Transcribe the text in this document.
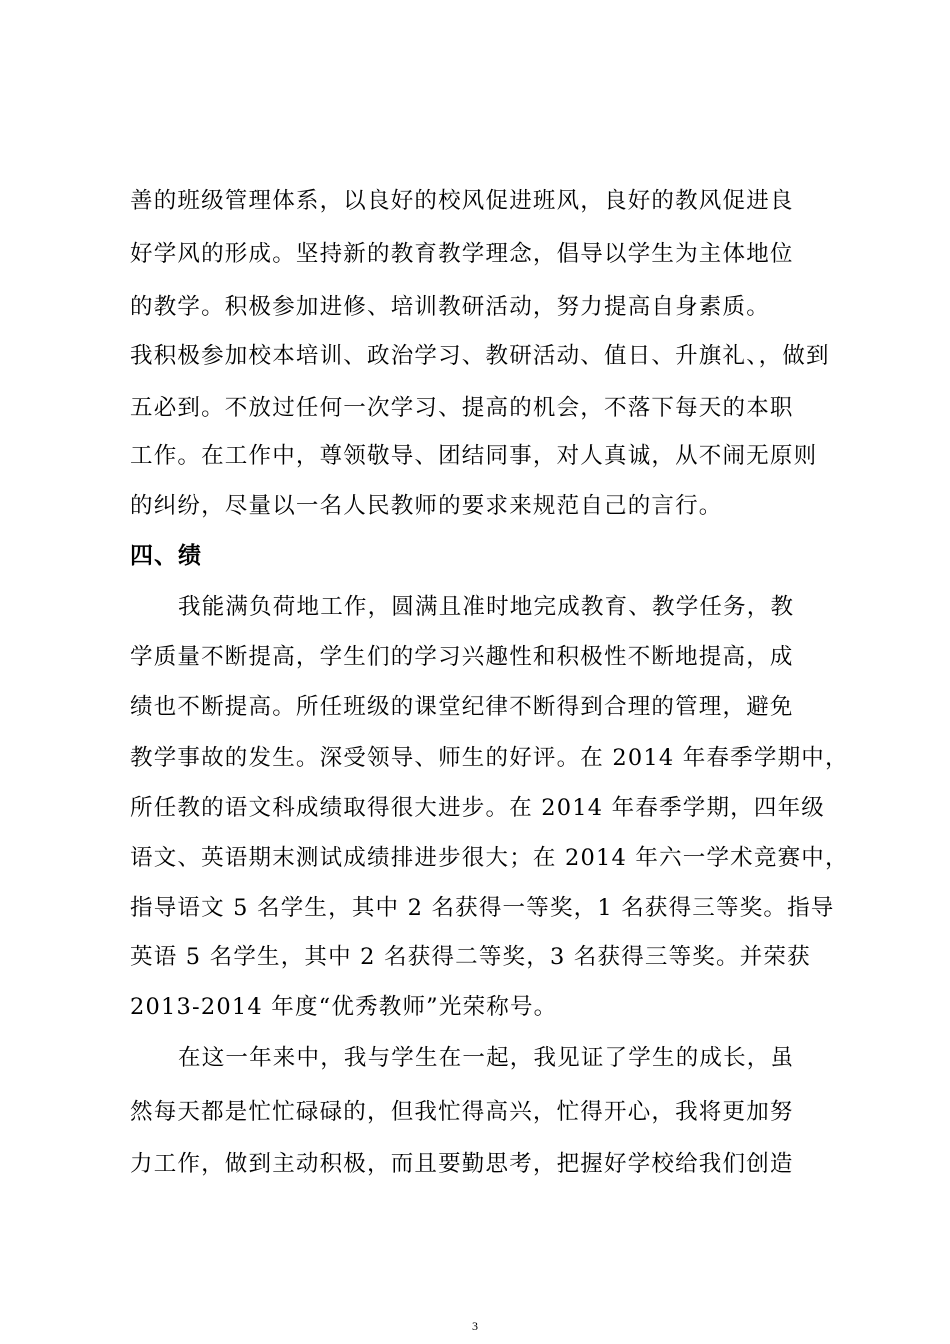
善的班级管理体系，以良好的校风促进班风，良好的教风促进良
好学风的形成。坚持新的教育教学理念，倡导以学生为主体地位
的教学。积极参加进修、培训教研活动，努力提高自身素质。
我积极参加校本培训、政治学习、教研活动、值日、升旗礼、，做到
五必到。不放过任何一次学习、提高的机会，不落下每天的本职
工作。在工作中，尊领敬导、团结同事，对人真诚，从不闹无原则
的纠纷，尽量以一名人民教师的要求来规范自己的言行。
四、绩
我能满负荷地工作，圆满且准时地完成教育、教学任务，教
学质量不断提高，学生们的学习兴趣性和积极性不断地提高，成
绩也不断提高。所任班级的课堂纪律不断得到合理的管理，避免
教学事故的发生。深受领导、师生的好评。在 2014 年春季学期中，
所任教的语文科成绩取得很大进步。在 2014 年春季学期，四年级
语文、英语期末测试成绩排进步很大；在 2014 年六一学术竞赛中，
指导语文 5 名学生，其中 2 名获得一等奖，1 名获得三等奖。指导
英语 5 名学生，其中 2 名获得二等奖，3 名获得三等奖。并荣获
2013-2014 年度“优秀教师”光荣称号。
在这一年来中，我与学生在一起，我见证了学生的成长，虽
然每天都是忙忙碌碌的，但我忙得高兴，忙得开心，我将更加努
力工作，做到主动积极，而且要勤思考，把握好学校给我们创造
3
